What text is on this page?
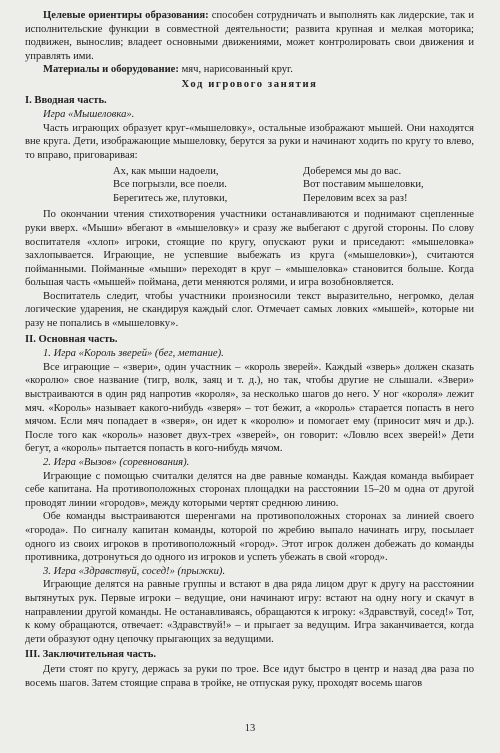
Целевые ориентиры образования: способен сотрудничать и выполнять как лидерские, так и исполнительские функции в совместной деятельности; развита крупная и мелкая моторика; подвижен, вынослив; владеет основными движениями, может контролировать свои движения и управлять ими.

Материалы и оборудование: мяч, нарисованный круг.

Ход игрового занятия

I. Вводная часть.

Игра «Мышеловка».

Часть играющих образует круг-«мышеловку», остальные изображают мышей. Они находятся вне круга. Дети, изображающие мышеловку, берутся за руки и начинают ходить по кругу то влево, то вправо, приговаривая:

Ах, как мыши надоели,	Доберемся мы до вас.
Все погрызли, все поели.	Вот поставим мышеловки,
Берегитесь же, плутовки,	Переловим всех за раз!

По окончании чтения стихотворения участники останавливаются и поднимают сцепленные руки вверх. «Мыши» вбегают в «мышеловку» и сразу же выбегают с другой стороны. По слову воспитателя «хлоп» игроки, стоящие по кругу, опускают руки и приседают: «мышеловка» захлопывается. Играющие, не успевшие выбежать из круга («мышеловки»), считаются пойманными. Пойманные «мыши» переходят в круг – «мышеловка» становится больше. Когда большая часть «мышей» поймана, дети меняются ролями, и игра возобновляется.

Воспитатель следит, чтобы участники произносили текст выразительно, негромко, делая логические ударения, не скандируя каждый слог. Отмечает самых ловких «мышей», которые ни разу не попались в «мышеловку».

II. Основная часть.

1. Игра «Король зверей» (бег, метание).

Все играющие – «звери», один участник – «король зверей». Каждый «зверь» должен сказать «королю» свое название (тигр, волк, заяц и т. д.), но так, чтобы другие не слышали. «Звери» выстраиваются в один ряд напротив «короля», за несколько шагов до него. У ног «короля» лежит мяч. «Король» называет какого-нибудь «зверя» – тот бежит, а «король» старается попасть в него мячом. Если мяч попадает в «зверя», он идет к «королю» и помогает ему (приносит мяч и др.). После того как «король» назовет двух-трех «зверей», он говорит: «Ловлю всех зверей!» Дети бегут, а «король» пытается попасть в кого-нибудь мячом.

2. Игра «Вызов» (соревнования).

Играющие с помощью считалки делятся на две равные команды. Каждая команда выбирает себе капитана. На противоположных сторонах площадки на расстоянии 15–20 м одна от другой проводят линии «городов», между которыми чертят среднюю линию.

Обе команды выстраиваются шеренгами на противоположных сторонах за линией своего «города». По сигналу капитан команды, которой по жребию выпало начинать игру, посылает одного из своих игроков в противоположный «город». Этот игрок должен добежать до команды противника, дотронуться до одного из игроков и успеть убежать в свой «город».

3. Игра «Здравствуй, сосед!» (прыжки).

Играющие делятся на равные группы и встают в два ряда лицом друг к другу на расстоянии вытянутых рук. Первые игроки – ведущие, они начинают игру: встают на одну ногу и скачут в направлении другой команды. Не останавливаясь, обращаются к игроку: «Здравствуй, сосед!» Тот, к кому обращаются, отвечает: «Здравствуй!» – и прыгает за ведущим. Игра заканчивается, когда дети образуют одну цепочку прыгающих за ведущими.

III. Заключительная часть.

Дети стоят по кругу, держась за руки по трое. Все идут быстро в центр и назад два раза по восемь шагов. Затем стоящие справа в тройке, не отпуская руку, проходят восемь шагов

13
